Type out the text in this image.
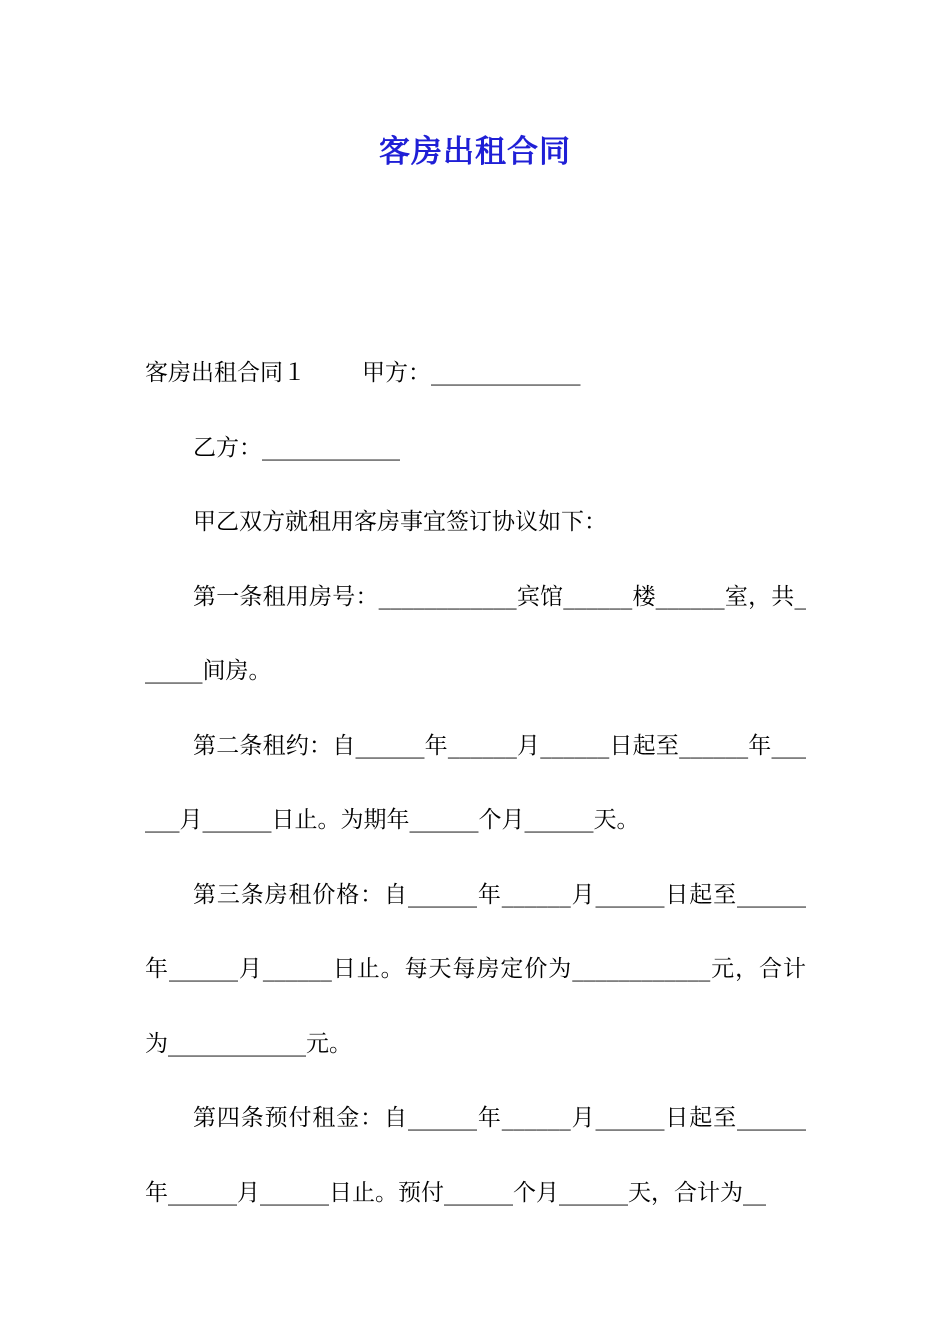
客房出租合同

客房出租合同１ 甲方：_____________

乙方：____________

甲乙双方就租用客房事宜签订协议如下：

第一条租用房号：____________宾馆______楼______室，共______间房。

第二条租约：自______年______月______日起至______年______月______日止。为期年______个月______天。

第三条房租价格：自______年______月______日起至______年______月______日止。每天每房定价为____________元，合计为____________元。

第四条预付租金：自______年______月______日起至______年______月______日止。预付______个月______天，合计为__
